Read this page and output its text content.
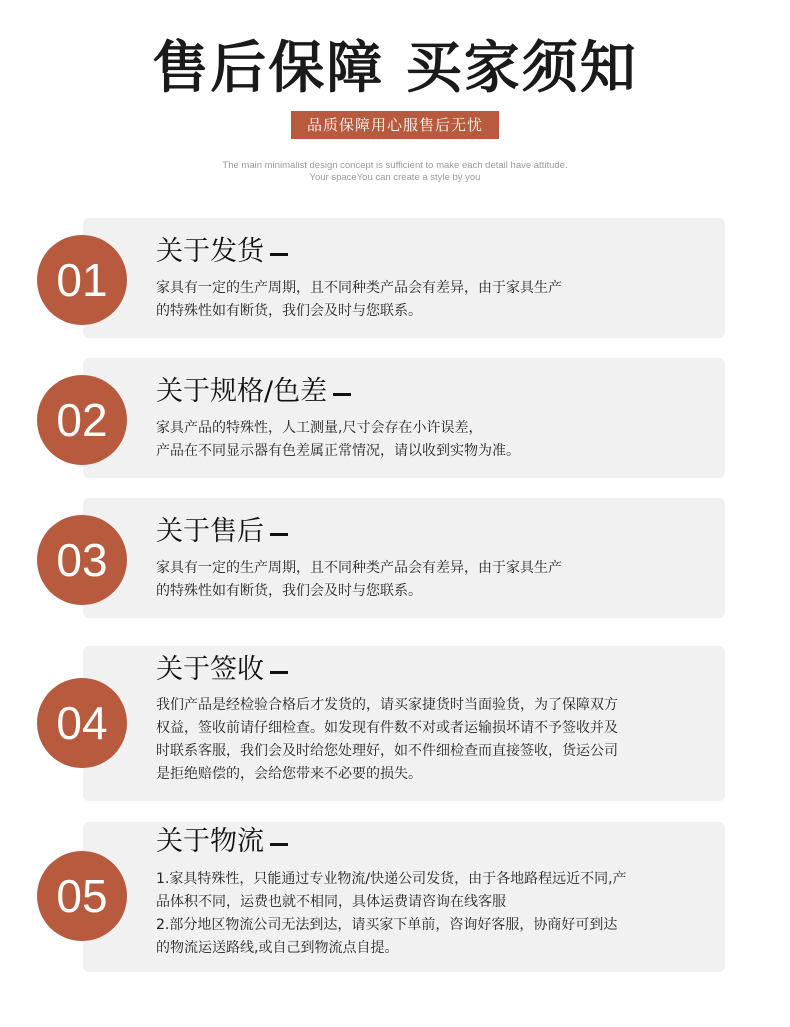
售后保障 买家须知
品质保障用心服售后无忧
The main minimalist design concept is sufficient to make each detail have attitude.
Your spaceYou can create a style by you
01
关于发货
家具有一定的生产周期，且不同种类产品会有差异，由于家具生产
的特殊性如有断货，我们会及时与您联系。
02
关于规格/色差
家具产品的特殊性，人工测量,尺寸会存在小许误差，
产品在不同显示器有色差属正常情况，请以收到实物为准。
03
关于售后
家具有一定的生产周期，且不同种类产品会有差异，由于家具生产
的特殊性如有断货，我们会及时与您联系。
04
关于签收
我们产品是经检验合格后才发货的，请买家捷货时当面验货，为了保障双方
权益，签收前请仔细检查。如发现有件数不对或者运输损坏请不予签收并及
时联系客服，我们会及时给您处理好，如不件细检查而直接签收，货运公司
是拒绝赔偿的，会给您带来不必要的损失。
05
关于物流
1.家具特殊性，只能通过专业物流/快递公司发货，由于各地路程远近不同,产
品体积不同，运费也就不相同，具体运费请咨询在线客服
2.部分地区物流公司无法到达，请买家下单前，咨询好客服，协商好可到达
的物流运送路线,或自己到物流点自提。
